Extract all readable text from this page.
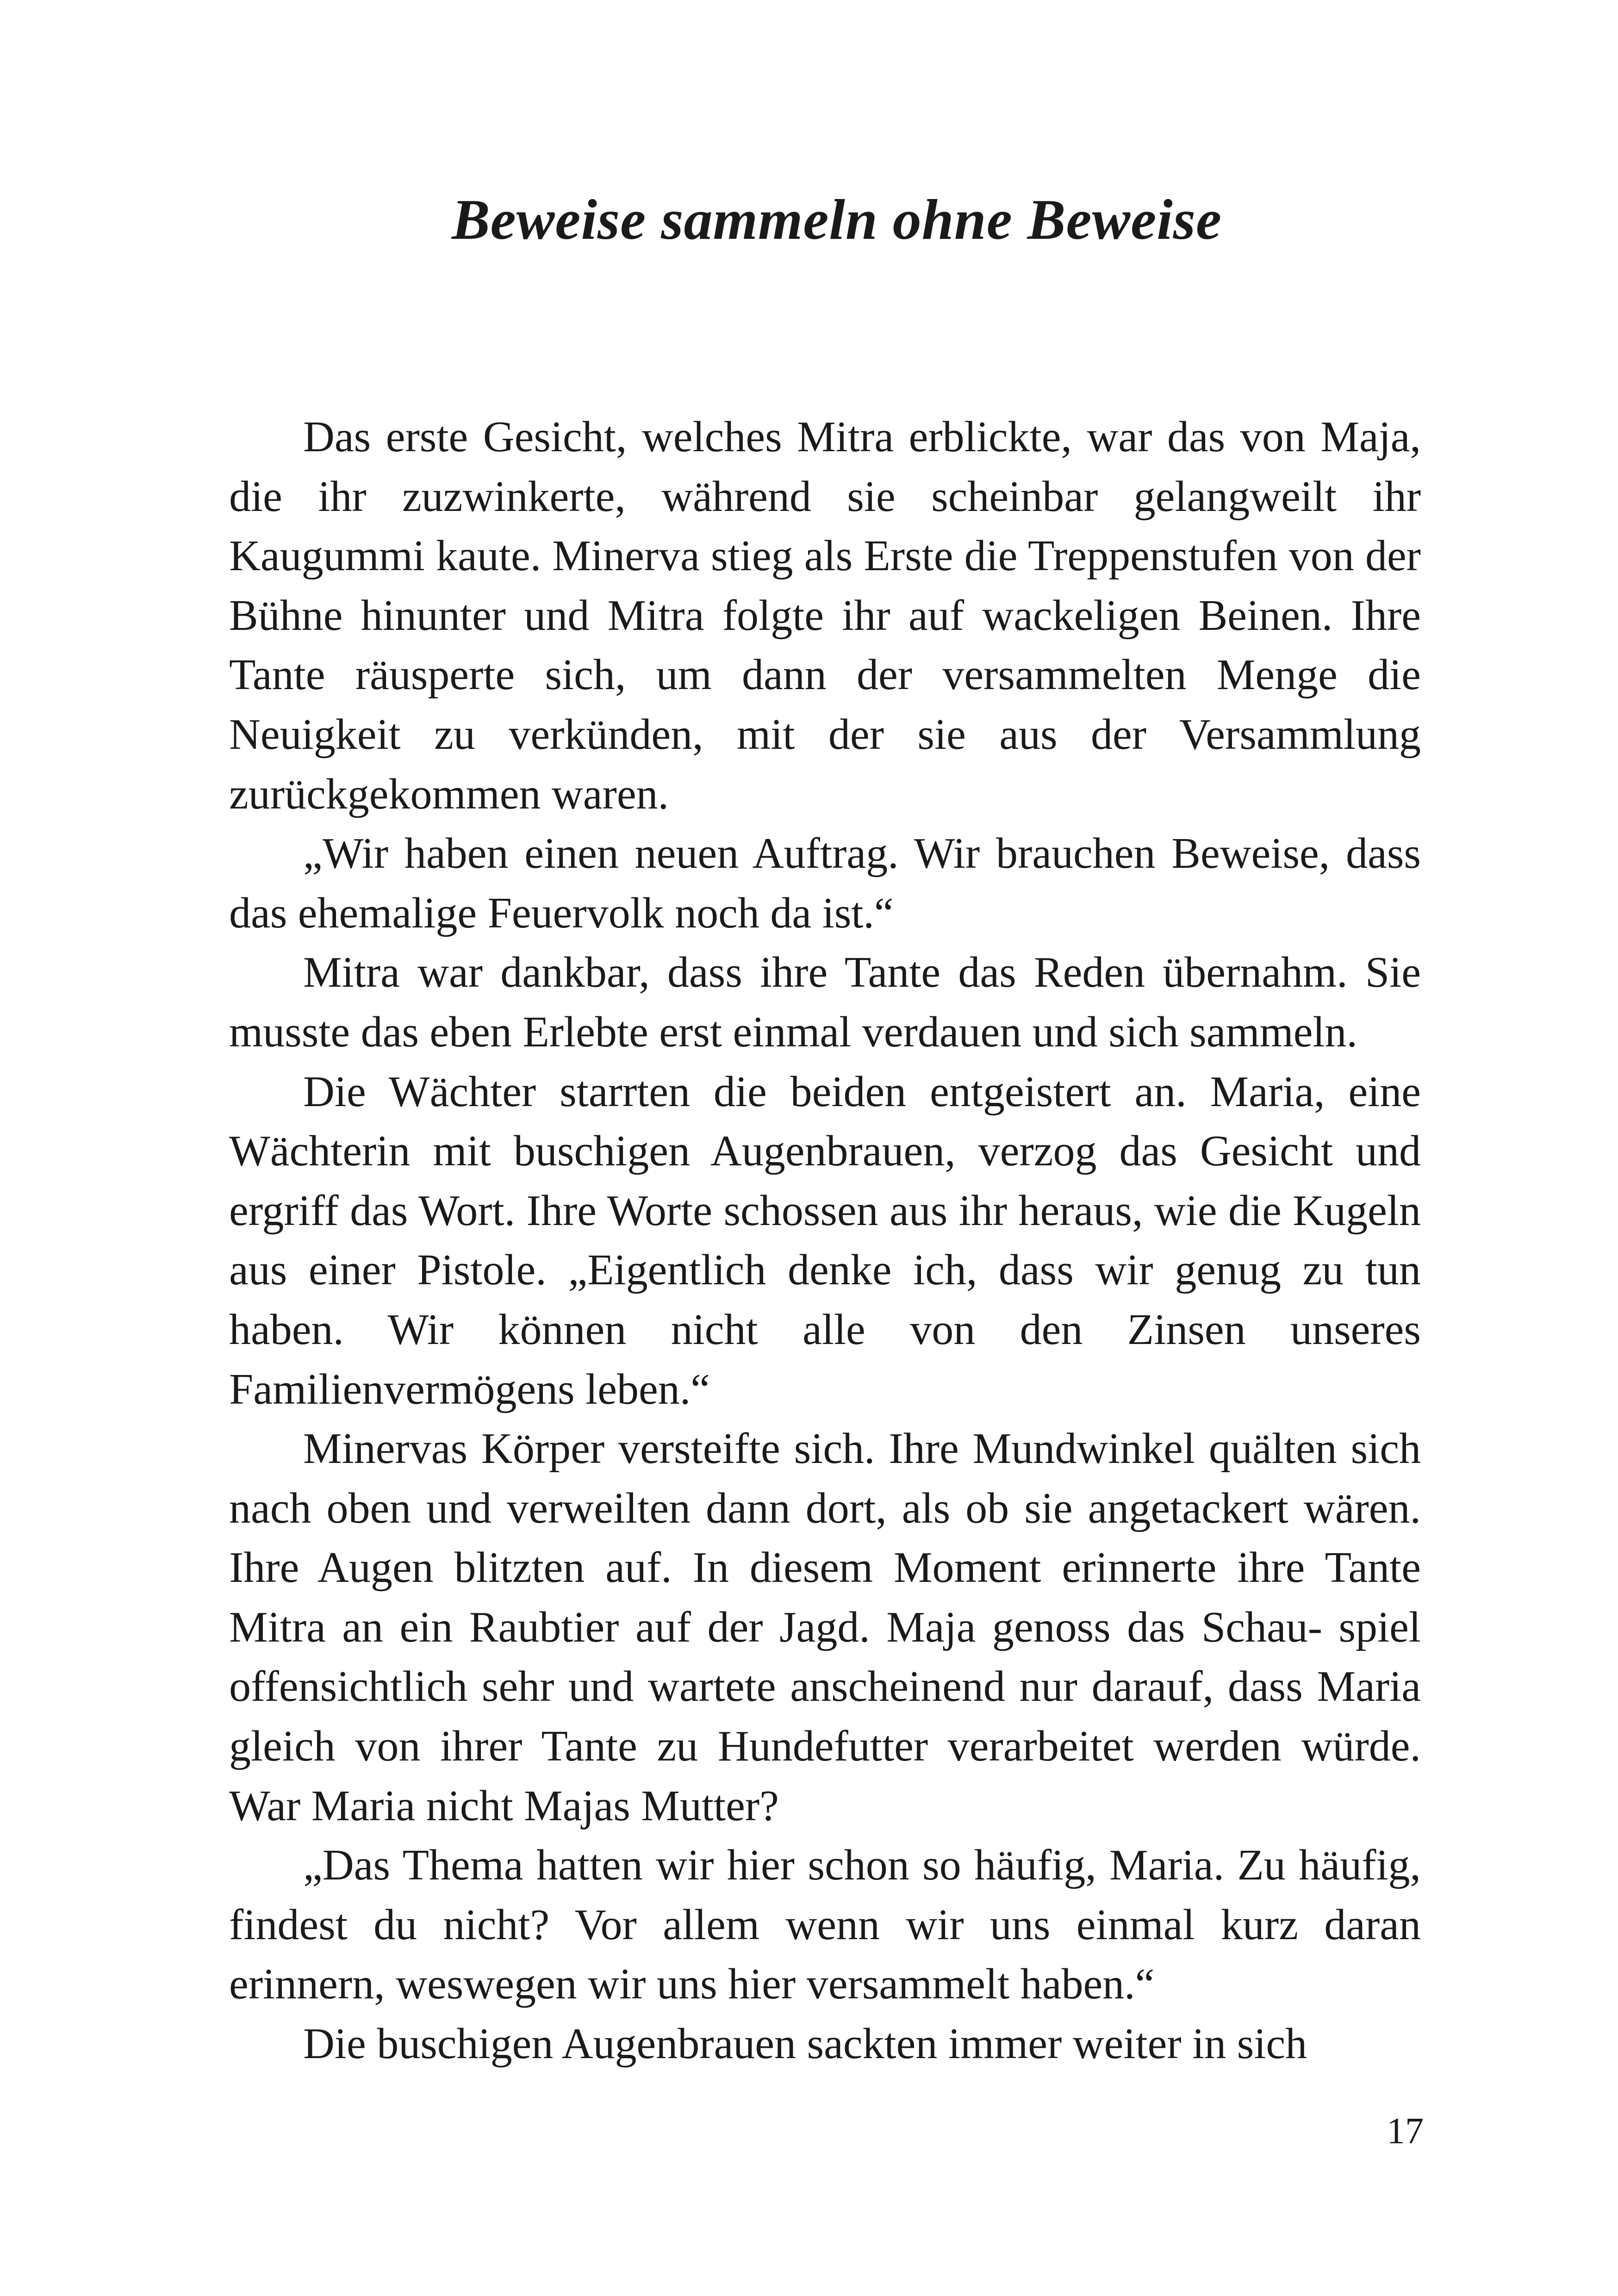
Beweise sammeln ohne Beweise

Das erste Gesicht, welches Mitra erblickte, war das von Maja, die ihr zuzwinkerte, während sie scheinbar gelangweilt ihr Kaugummi kaute. Minerva stieg als Erste die Treppenstufen von der Bühne hinunter und Mitra folgte ihr auf wackeligen Beinen. Ihre Tante räusperte sich, um dann der versammelten Menge die Neuigkeit zu verkünden, mit der sie aus der Versammlung zurückgekommen waren.

„Wir haben einen neuen Auftrag. Wir brauchen Beweise, dass das ehemalige Feuervolk noch da ist.“

Mitra war dankbar, dass ihre Tante das Reden übernahm. Sie musste das eben Erlebte erst einmal verdauen und sich sammeln.

Die Wächter starrten die beiden entgeistert an. Maria, eine Wächterin mit buschigen Augenbrauen, verzog das Gesicht und ergriff das Wort. Ihre Worte schossen aus ihr heraus, wie die Kugeln aus einer Pistole. „Eigentlich denke ich, dass wir genug zu tun haben. Wir können nicht alle von den Zinsen unseres Familienvermögens leben.“

Minervas Körper versteifte sich. Ihre Mundwinkel quälten sich nach oben und verweilten dann dort, als ob sie angetackert wären. Ihre Augen blitzten auf. In diesem Moment erinnerte ihre Tante Mitra an ein Raubtier auf der Jagd. Maja genoss das Schau- spiel offensichtlich sehr und wartete anscheinend nur darauf, dass Maria gleich von ihrer Tante zu Hundefutter verarbeitet werden würde. War Maria nicht Majas Mutter?

„Das Thema hatten wir hier schon so häufig, Maria. Zu häufig, findest du nicht? Vor allem wenn wir uns einmal kurz daran erinnern, weswegen wir uns hier versammelt haben.“

Die buschigen Augenbrauen sackten immer weiter in sich

17
